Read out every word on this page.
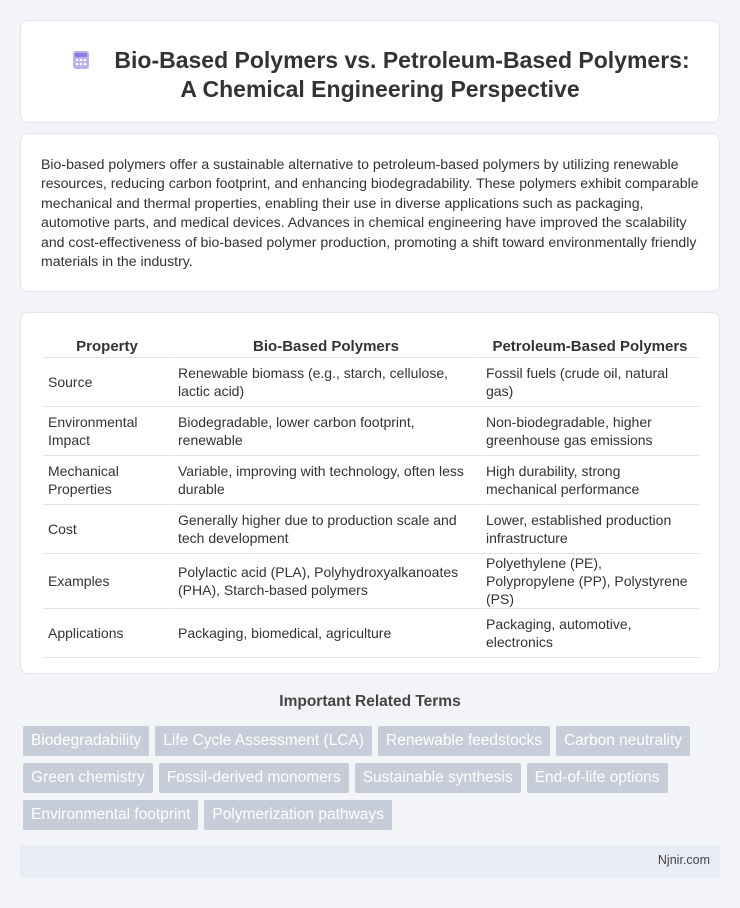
Bio-Based Polymers vs. Petroleum-Based Polymers: A Chemical Engineering Perspective

Bio-based polymers offer a sustainable alternative to petroleum-based polymers by utilizing renewable resources, reducing carbon footprint, and enhancing biodegradability. These polymers exhibit comparable mechanical and thermal properties, enabling their use in diverse applications such as packaging, automotive parts, and medical devices. Advances in chemical engineering have improved the scalability and cost-effectiveness of bio-based polymer production, promoting a shift toward environmentally friendly materials in the industry.

Property	Bio-Based Polymers	Petroleum-Based Polymers
Source	Renewable biomass (e.g., starch, cellulose, lactic acid)	Fossil fuels (crude oil, natural gas)
Environmental Impact	Biodegradable, lower carbon footprint, renewable	Non-biodegradable, higher greenhouse gas emissions
Mechanical Properties	Variable, improving with technology, often less durable	High durability, strong mechanical performance
Cost	Generally higher due to production scale and tech development	Lower, established production infrastructure
Examples	Polylactic acid (PLA), Polyhydroxyalkanoates (PHA), Starch-based polymers	Polyethylene (PE), Polypropylene (PP), Polystyrene (PS)
Applications	Packaging, biomedical, agriculture	Packaging, automotive, electronics
Important Related Terms
Biodegradability	Life Cycle Assessment (LCA)	Renewable feedstocks	Carbon neutrality
Green chemistry	Fossil-derived monomers	Sustainable synthesis	End-of-life options
Environmental footprint	Polymerization pathways
Njnir.com
